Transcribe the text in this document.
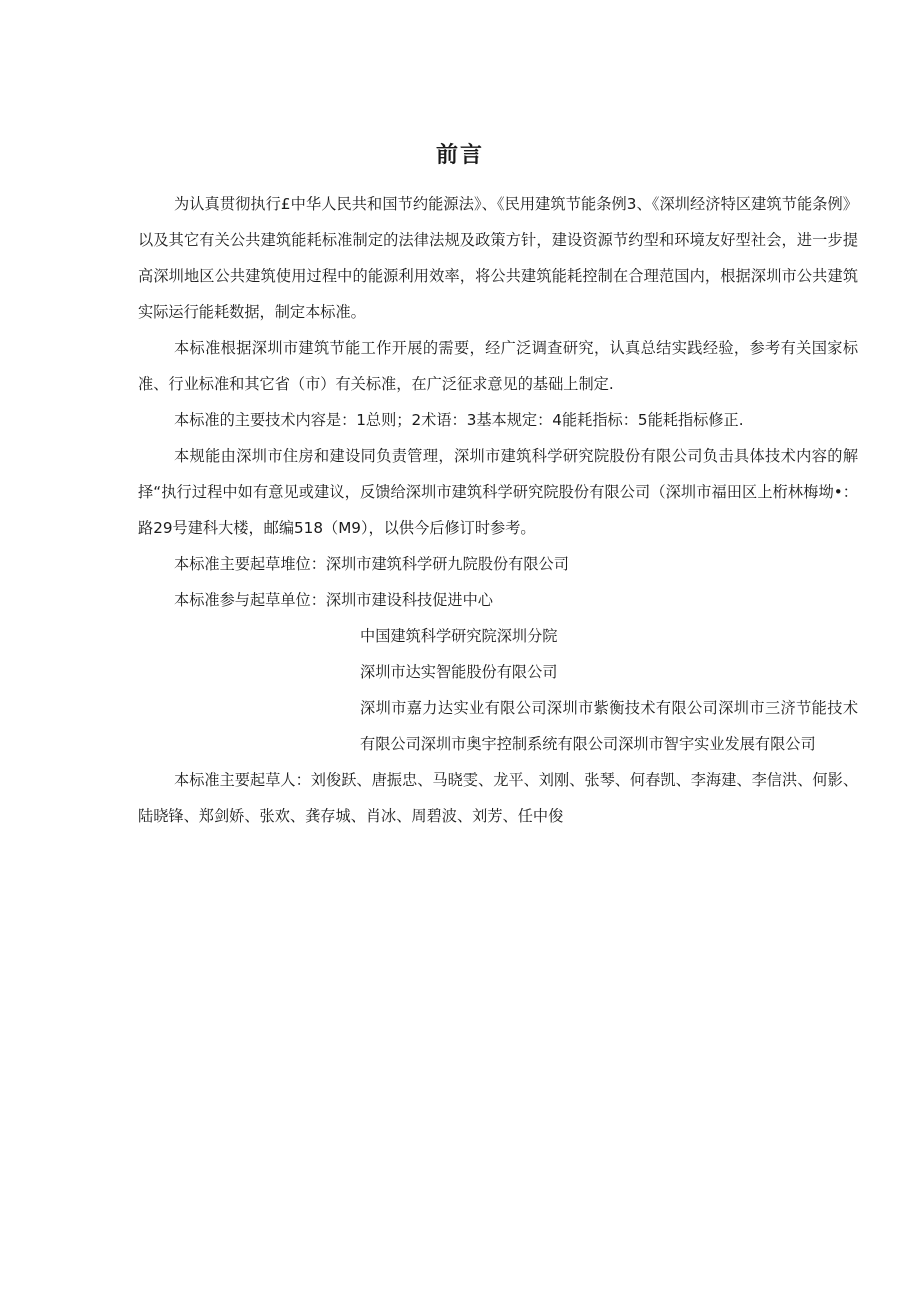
前言

为认真贯彻执行£中华人民共和国节约能源法》、《民用建筑节能条例3、《深圳经济特区建筑节能条例》以及其它有关公共建筑能耗标准制定的法律法规及政策方针，建设资源节约型和环境友好型社会，进一步提高深圳地区公共建筑使用过程中的能源利用效率，将公共建筑能耗控制在合理范国内，根据深圳市公共建筑实际运行能耗数据，制定本标准。

本标准根据深圳市建筑节能工作开展的需要，经广泛调查研究，认真总结实践经验，参考有关国家标准、行业标准和其它省（市）有关标准，在广泛征求意见的基础上制定.

本标准的主要技术内容是：1总则；2术语：3基本规定：4能耗指标：5能耗指标修正.

本规能由深圳市住房和建设同负责管理，深圳市建筑科学研究院股份有限公司负击具体技术内容的解择“执行过程中如有意见或建议，反馈给深圳市建筑科学研究院股份有限公司（深圳市福田区上桁林梅坳•：路29号建科大楼，邮编518（M9），以供今后修订时参考。

本标准主要起草堆位：深圳市建筑科学研九院股份有限公司

本标准参与起草单位：深圳市建设科技促进中心

中国建筑科学研究院深圳分院

深圳市达实智能股份有限公司

深圳市嘉力达实业有限公司深圳市紫衡技术有限公司深圳市三济节能技术有限公司深圳市奥宇控制系统有限公司深圳市智宇实业发展有限公司

本标准主要起草人：刘俊跃、唐振忠、马晓雯、龙平、刘刚、张琴、何春凯、李海建、李信洪、何影、陆晓锋、郑剑娇、张欢、龚存城、肖冰、周碧波、刘芳、任中俊
